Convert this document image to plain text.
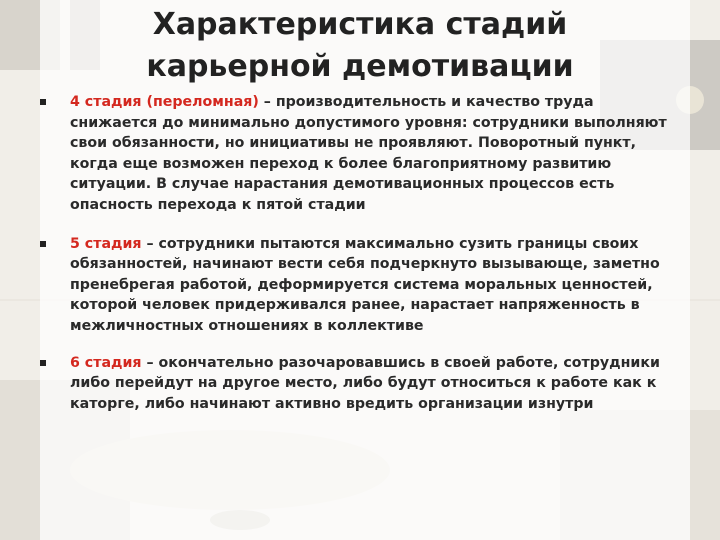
Характеристика стадий
карьерной демотивации
4 стадия (переломная) – производительность и качество труда снижается до минимально допустимого уровня: сотрудники выполняют свои обязанности, но инициативы не проявляют. Поворотный пункт, когда еще возможен переход к более благоприятному развитию ситуации. В случае нарастания демотивационных процессов есть опасность перехода к пятой стадии
5 стадия – сотрудники пытаются максимально сузить границы своих обязанностей, начинают вести себя подчеркнуто вызывающе, заметно пренебрегая работой, деформируется система моральных ценностей, которой человек придерживался ранее, нарастает напряженность в межличностных отношениях в коллективе
6 стадия – окончательно разочаровавшись в своей работе, сотрудники либо перейдут на другое место, либо будут относиться к работе как к каторге, либо начинают активно вредить организации изнутри
